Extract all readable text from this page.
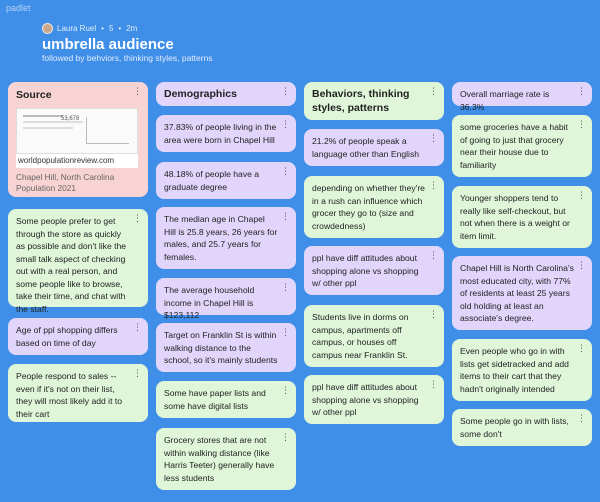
padlet
Laura Ruel • 5 • 2m
umbrella audience
followed by behviors, thinking styles, patterns
⋮
Source
53,678
worldpopulationreview.com
Chapel Hill, North Carolina Population 2021
⋮
Some people prefer to get through the store as quickly as possible and don't like the small talk aspect of checking out with a real person, and some people like to browse, take their time, and chat with the staff.
⋮
Age of ppl shopping differs based on time of day
⋮
People respond to sales -- even if it's not on their list, they will most likely add it to their cart
⋮
Demographics
⋮
37.83% of people living in the area were born in Chapel Hill
⋮
48.18% of people have a graduate degree
⋮
The median age in Chapel Hill is 25.8 years, 26 years for males, and 25.7 years for females.
⋮
The average household income in Chapel Hill is $123,112
⋮
Target on Franklin St is within walking distance to the school, so it's mainly students
⋮
Some have paper lists and some have digital lists
⋮
Grocery stores that are not within walking distance (like Harris Teeter) generally have less students
⋮
Behaviors, thinking styles, patterns
⋮
21.2% of people speak a language other than English
⋮
depending on whether they're in a rush can influence which grocer they go to (size and crowdedness)
⋮
ppl have diff attitudes about shopping alone vs shopping w/ other ppl
⋮
Students live in dorms on campus, apartments off campus, or houses off campus near Franklin St.
⋮
ppl have diff attitudes about shopping alone vs shopping w/ other ppl
⋮
Overall marriage rate is 36.3%
⋮
some groceries have a habit of going to just that grocery near their house due to familiarity
⋮
Younger shoppers tend to really like self-checkout, but not when there is a weight or item limit.
⋮
Chapel Hill is North Carolina's most educated city, with 77% of residents at least 25 years old holding at least an associate's degree.
⋮
Even people who go in with lists get sidetracked and add items to their cart that they hadn't originally intended
⋮
Some people go in with lists, some don't
